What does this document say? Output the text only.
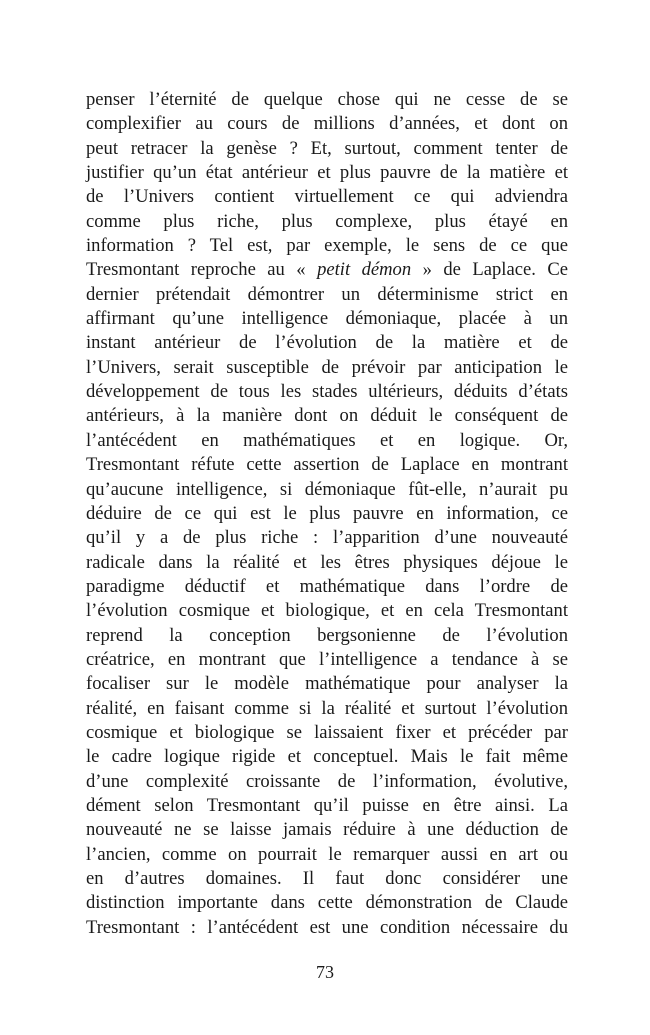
penser l’éternité de quelque chose qui ne cesse de se
complexifier au cours de millions d’années, et dont on
peut retracer la genèse ? Et, surtout, comment tenter de
justifier qu’un état antérieur et plus pauvre de la matière et
de l’Univers contient virtuellement ce qui adviendra
comme plus riche, plus complexe, plus étayé en
information ? Tel est, par exemple, le sens de ce que
Tresmontant reproche au « petit démon » de Laplace. Ce
dernier prétendait démontrer un déterminisme strict en
affirmant qu’une intelligence démoniaque, placée à un
instant antérieur de l’évolution de la matière et de
l’Univers, serait susceptible de prévoir par anticipation le
développement de tous les stades ultérieurs, déduits d’états
antérieurs, à la manière dont on déduit le conséquent de
l’antécédent en mathématiques et en logique. Or,
Tresmontant réfute cette assertion de Laplace en montrant
qu’aucune intelligence, si démoniaque fût-elle, n’aurait pu
déduire de ce qui est le plus pauvre en information, ce
qu’il y a de plus riche : l’apparition d’une nouveauté
radicale dans la réalité et les êtres physiques déjoue le
paradigme déductif et mathématique dans l’ordre de
l’évolution cosmique et biologique, et en cela Tresmontant
reprend la conception bergsonienne de l’évolution
créatrice, en montrant que l’intelligence a tendance à se
focaliser sur le modèle mathématique pour analyser la
réalité, en faisant comme si la réalité et surtout l’évolution
cosmique et biologique se laissaient fixer et précéder par
le cadre logique rigide et conceptuel. Mais le fait même
d’une complexité croissante de l’information, évolutive,
dément selon Tresmontant qu’il puisse en être ainsi. La
nouveauté ne se laisse jamais réduire à une déduction de
l’ancien, comme on pourrait le remarquer aussi en art ou
en d’autres domaines. Il faut donc considérer une
distinction importante dans cette démonstration de Claude
Tresmontant : l’antécédent est une condition nécessaire du
73
